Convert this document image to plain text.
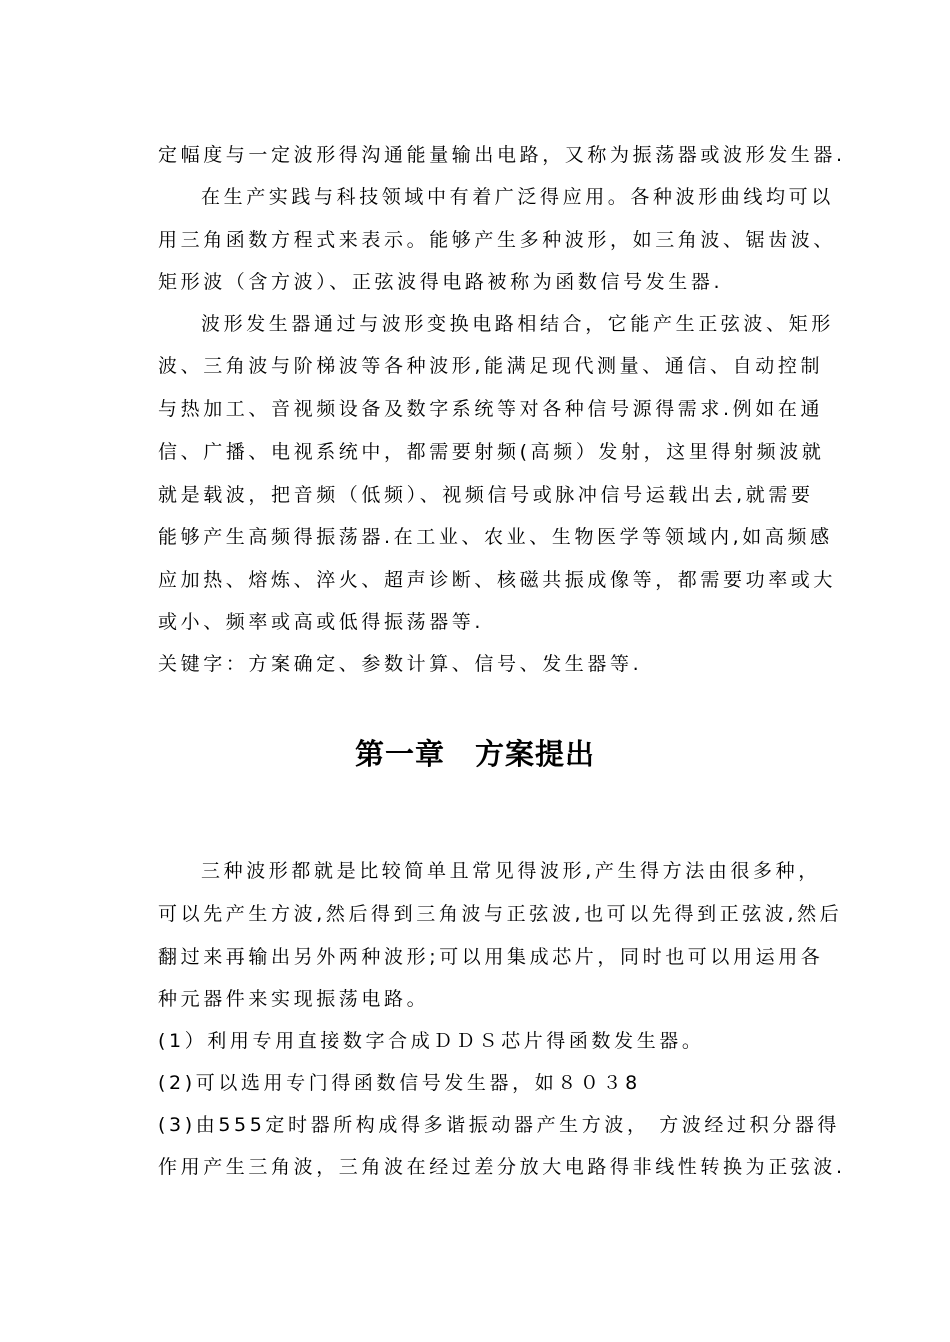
定幅度与一定波形得沟通能量输出电路，又称为振荡器或波形发生器.
在生产实践与科技领域中有着广泛得应用。各种波形曲线均可以
用三角函数方程式来表示。能够产生多种波形，如三角波、锯齿波、
矩形波（含方波）、正弦波得电路被称为函数信号发生器.
波形发生器通过与波形变换电路相结合，它能产生正弦波、矩形
波、三角波与阶梯波等各种波形,能满足现代测量、通信、自动控制
与热加工、音视频设备及数字系统等对各种信号源得需求.例如在通
信、广播、电视系统中，都需要射频(高频）发射，这里得射频波就
就是载波，把音频（低频）、视频信号或脉冲信号运载出去,就需要
能够产生高频得振荡器.在工业、农业、生物医学等领域内,如高频感
应加热、熔炼、淬火、超声诊断、核磁共振成像等，都需要功率或大
或小、频率或高或低得振荡器等.
关键字：方案确定、参数计算、信号、发生器等.
第一章　方案提出
三种波形都就是比较简单且常见得波形,产生得方法由很多种，
可以先产生方波,然后得到三角波与正弦波,也可以先得到正弦波,然后
翻过来再输出另外两种波形;可以用集成芯片，同时也可以用运用各
种元器件来实现振荡电路。
(1）利用专用直接数字合成ＤＤＳ芯片得函数发生器。
(2)可以选用专门得函数信号发生器，如８０３8
(3)由555定时器所构成得多谐振动器产生方波， 方波经过积分器得
作用产生三角波，三角波在经过差分放大电路得非线性转换为正弦波.
